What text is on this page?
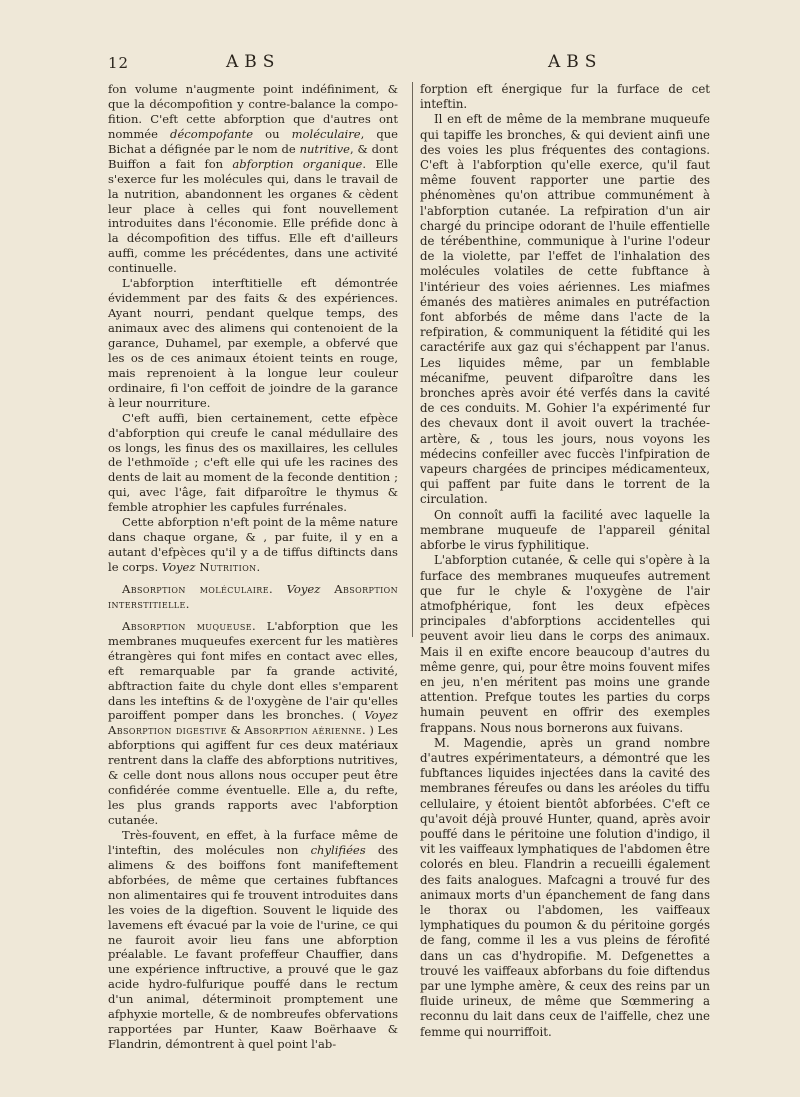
12	ABS	ABS

fon volume n'augmente point indéfiniment, & que la décompofition y contre-balance la compo-fition. C'eft cette abforption que d'autres ont nommée décompofante ou moléculaire, que Bichat a défignée par le nom de nutritive, & dont Buiffon a fait fon abforption organique. Elle s'exerce fur les molécules qui, dans le travail de la nutrition, abandonnent les organes & cèdent leur place à celles qui font nouvellement introduites dans l'économie. Elle préfide donc à la décompofition des tiffus. Elle eft d'ailleurs auffi, comme les précédentes, dans une activité continuelle.

L'abforption interftitielle eft démontrée évidemment par des faits & des expériences. Ayant nourri, pendant quelque temps, des animaux avec des alimens qui contenoient de la garance, Duhamel, par exemple, a obfervé que les os de ces animaux étoient teints en rouge, mais reprenoient à la longue leur couleur ordinaire, fi l'on ceffoit de joindre de la garance à leur nourriture.

C'eft auffi, bien certainement, cette efpèce d'abforption qui creufe le canal médullaire des os longs, les finus des os maxillaires, les cellules de l'ethmoïde ; c'eft elle qui ufe les racines des dents de lait au moment de la feconde dentition ; qui, avec l'âge, fait difparoître le thymus & femble atrophier les capfules furrénales.

Cette abforption n'eft point de la même nature dans chaque organe, & , par fuite, il y en a autant d'efpèces qu'il y a de tiffus diftincts dans le corps. Voyez Nutrition.

Absorption moléculaire. Voyez Absorption interstitielle.

Absorption muqueuse. L'abforption que les membranes muqueufes exercent fur les matières étrangères qui font mifes en contact avec elles, eft remarquable par fa grande activité, abftraction faite du chyle dont elles s'emparent dans les inteftins & de l'oxygène de l'air qu'elles paroiffent pomper dans les bronches. ( Voyez Absorption digestive & Absorption aérienne. ) Les abforptions qui agiffent fur ces deux matériaux rentrent dans la claffe des abforptions nutritives, & celle dont nous allons nous occuper peut être confidérée comme éventuelle. Elle a, du refte, les plus grands rapports avec l'abforption cutanée.

Très-fouvent, en effet, à la furface même de l'inteftin, des molécules non chylifiées des alimens & des boiffons font manifeftement abforbées, de même que certaines fubftances non alimentaires qui fe trouvent introduites dans les voies de la digeftion. Souvent le liquide des lavemens eft évacué par la voie de l'urine, ce qui ne fauroit avoir lieu fans une abforption préalable. Le favant profeffeur Chauffier, dans une expérience inftructive, a prouvé que le gaz acide hydro-fulfurique pouffé dans le rectum d'un animal, déterminoit promptement une afphyxie mortelle, & de nombreufes obfervations rapportées par Hunter, Kaaw Boërhaave & Flandrin, démontrent à quel point l'ab-

forption eft énergique fur la furface de cet inteftin.

Il en eft de même de la membrane muqueufe qui tapiffe les bronches, & qui devient ainfi une des voies les plus fréquentes des contagions. C'eft à l'abforption qu'elle exerce, qu'il faut même fouvent rapporter une partie des phénomènes qu'on attribue communément à l'abforption cutanée. La refpiration d'un air chargé du principe odorant de l'huile effentielle de térébenthine, communique à l'urine l'odeur de la violette, par l'effet de l'inhalation des molécules volatiles de cette fubftance à l'intérieur des voies aériennes. Les miafmes émanés des matières animales en putréfaction font abforbés de même dans l'acte de la refpiration, & communiquent la fétidité qui les caractérife aux gaz qui s'échappent par l'anus. Les liquides même, par un femblable mécanifme, peuvent difparoître dans les bronches après avoir été verfés dans la cavité de ces conduits. M. Gohier l'a expérimenté fur des chevaux dont il avoit ouvert la trachée-artère, & , tous les jours, nous voyons les médecins confeiller avec fuccès l'infpiration de vapeurs chargées de principes médicamenteux, qui paffent par fuite dans le torrent de la circulation.

On connoît auffi la facilité avec laquelle la membrane muqueufe de l'appareil génital abforbe le virus fyphilitique.

L'abforption cutanée, & celle qui s'opère à la furface des membranes muqueufes autrement que fur le chyle & l'oxygène de l'air atmofphérique, font les deux efpèces principales d'abforptions accidentelles qui peuvent avoir lieu dans le corps des animaux. Mais il en exifte encore beaucoup d'autres du même genre, qui, pour être moins fouvent mifes en jeu, n'en méritent pas moins une grande attention. Prefque toutes les parties du corps humain peuvent en offrir des exemples frappans. Nous nous bornerons aux fuivans.

M. Magendie, après un grand nombre d'autres expérimentateurs, a démontré que les fubftances liquides injectées dans la cavité des membranes féreufes ou dans les aréoles du tiffu cellulaire, y étoient bientôt abforbées. C'eft ce qu'avoit déjà prouvé Hunter, quand, après avoir pouffé dans le péritoine une folution d'indigo, il vit les vaiffeaux lymphatiques de l'abdomen être colorés en bleu. Flandrin a recueilli également des faits analogues. Mafcagni a trouvé fur des animaux morts d'un épanchement de fang dans le thorax ou l'abdomen, les vaiffeaux lymphatiques du poumon & du péritoine gorgés de fang, comme il les a vus pleins de férofité dans un cas d'hydropifie. M. Defgenettes a trouvé les vaiffeaux abforbans du foie diftendus par une lymphe amère, & ceux des reins par un fluide urineux, de même que Sœmmering a reconnu du lait dans ceux de l'aiffelle, chez une femme qui nourriffoit.
